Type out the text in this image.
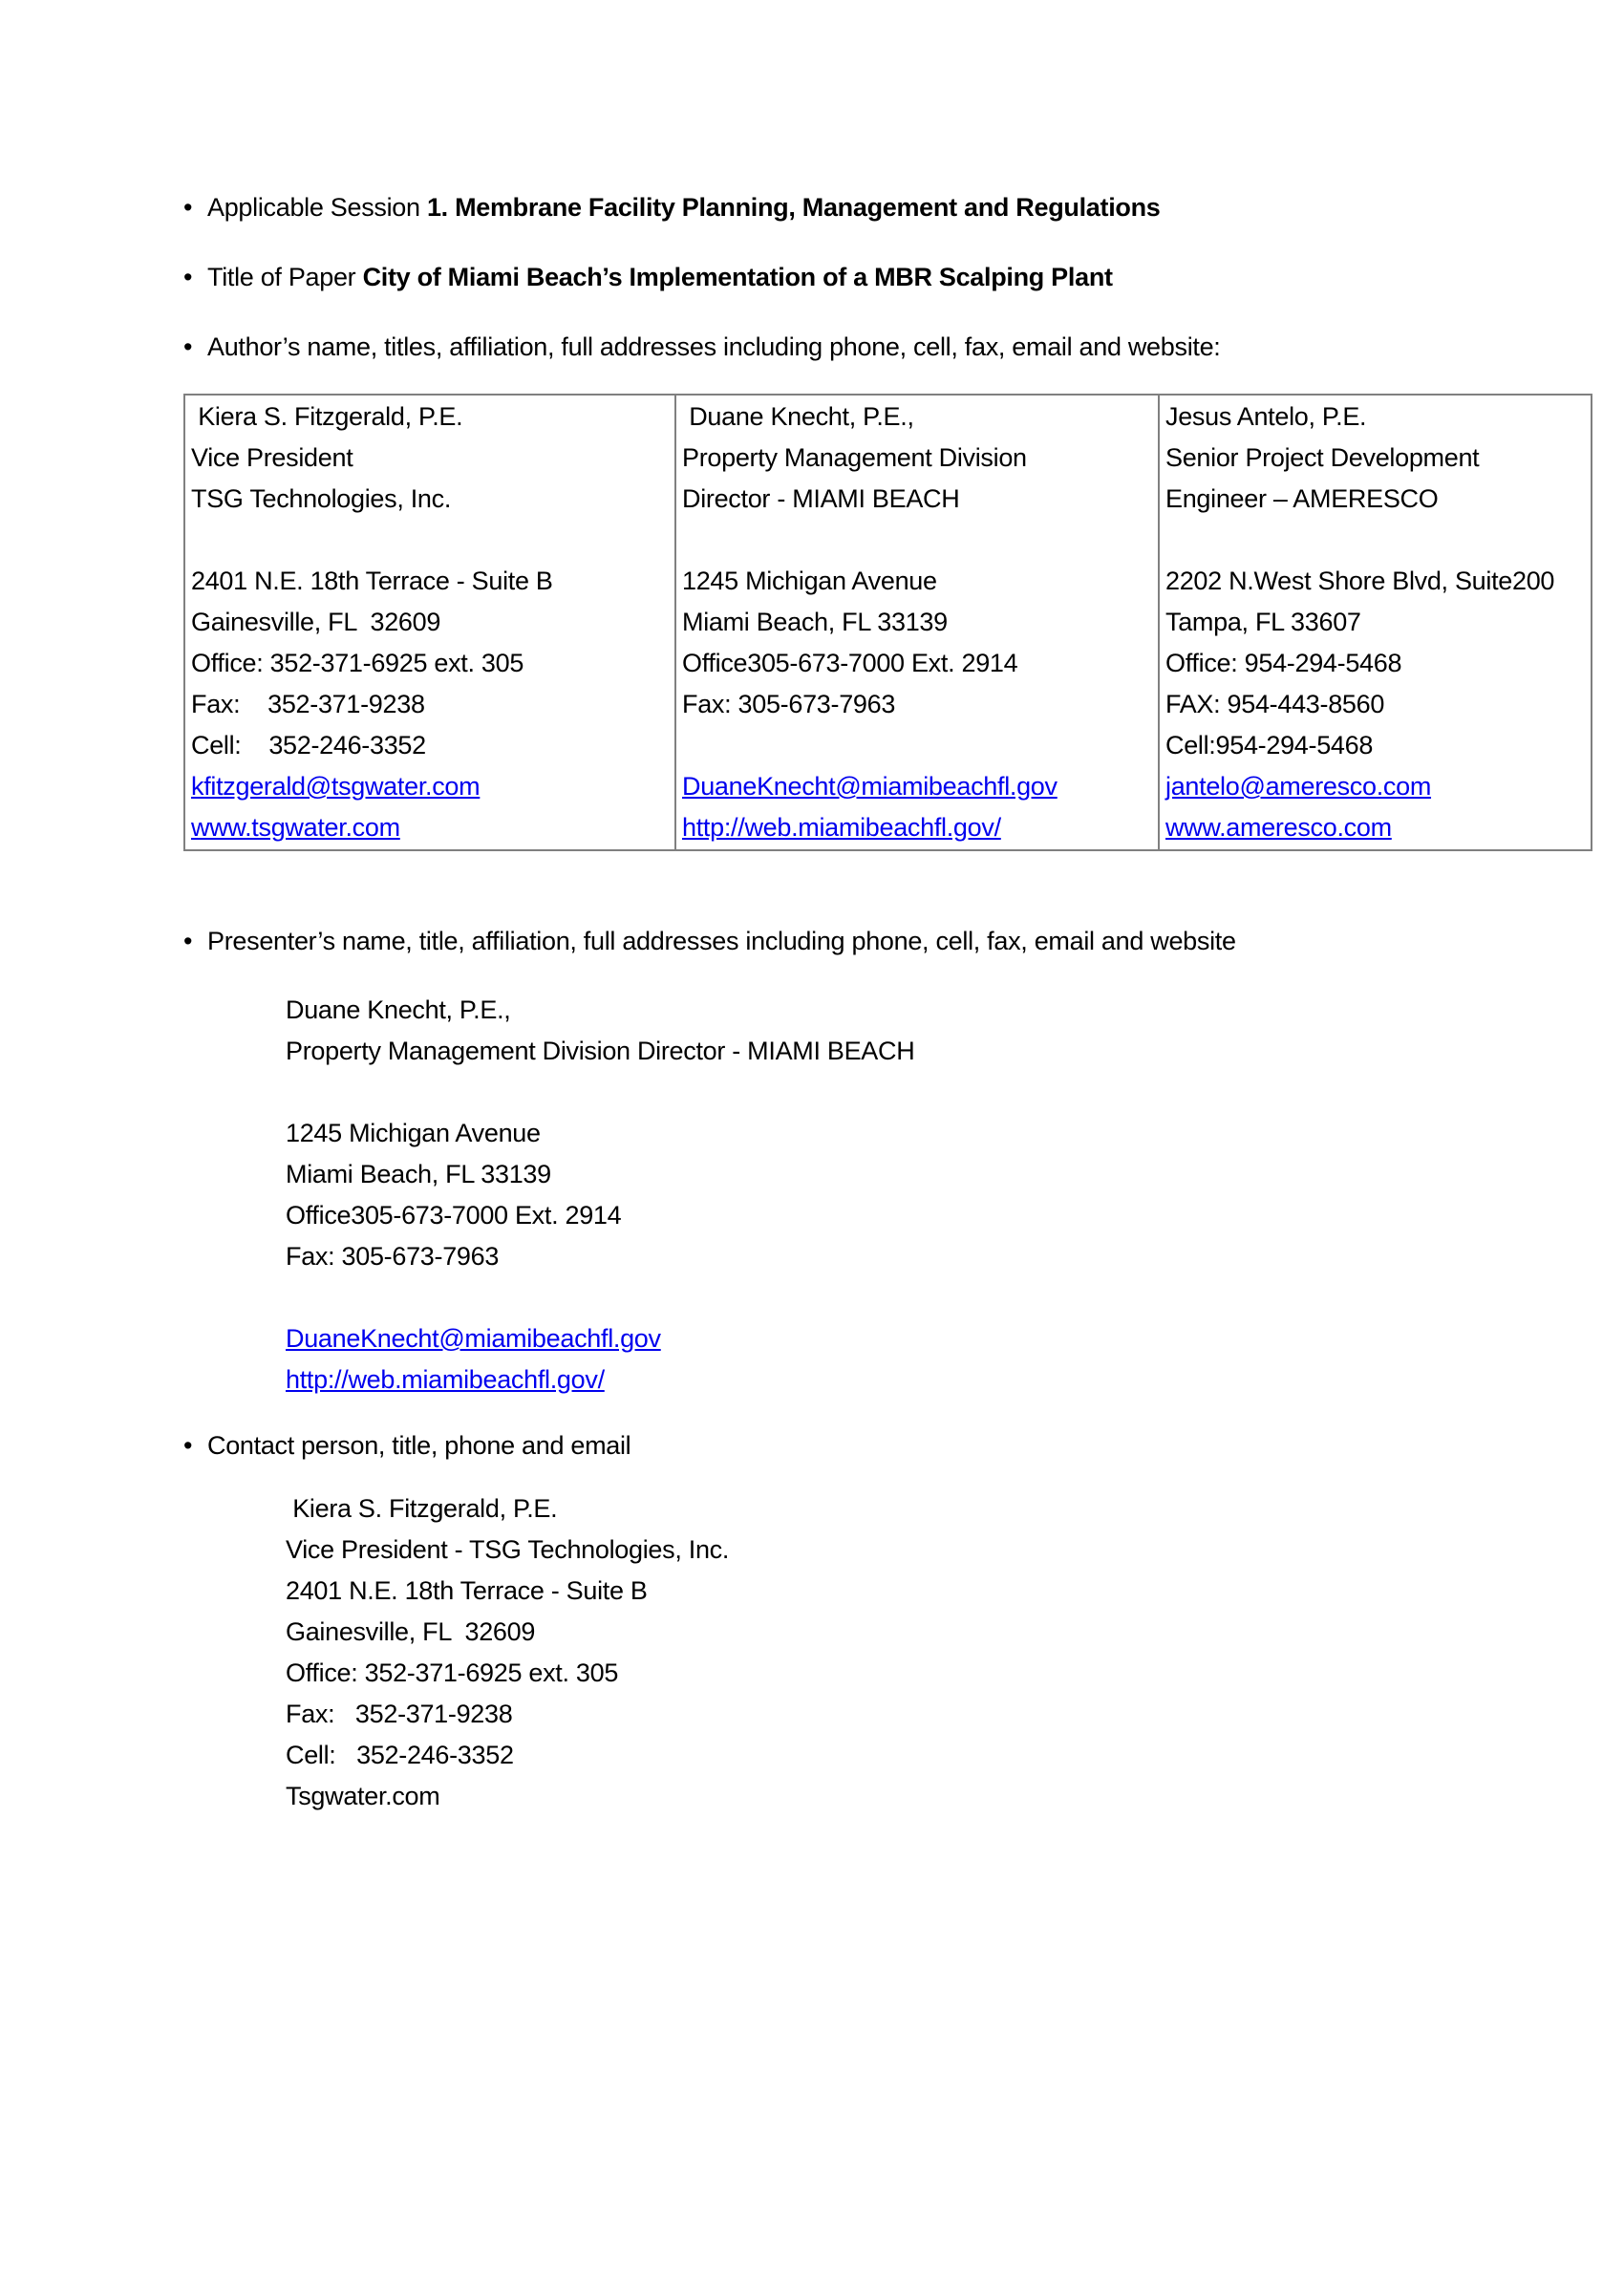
• Applicable Session 1. Membrane Facility Planning, Management and Regulations

• Title of Paper City of Miami Beach’s Implementation of a MBR Scalping Plant

• Author’s name, titles, affiliation, full addresses including phone, cell, fax, email and website:

Kiera S. Fitzgerald, P.E.
Vice President
TSG Technologies, Inc.
2401 N.E. 18th Terrace - Suite B
Gainesville, FL  32609
Office: 352-371-6925 ext. 305
Fax:    352-371-9238
Cell:    352-246-3352
kfitzgerald@tsgwater.com
www.tsgwater.com

Duane Knecht, P.E.,
Property Management Division
Director - MIAMI BEACH
1245 Michigan Avenue
Miami Beach, FL 33139
Office305-673-7000 Ext. 2914
Fax: 305-673-7963
DuaneKnecht@miamibeachfl.gov
http://web.miamibeachfl.gov/

Jesus Antelo, P.E.
Senior Project Development
Engineer – AMERESCO
2202 N.West Shore Blvd, Suite200
Tampa, FL 33607
Office: 954-294-5468
FAX: 954-443-8560
Cell:954-294-5468
jantelo@ameresco.com
www.ameresco.com

• Presenter’s name, title, affiliation, full addresses including phone, cell, fax, email and website

Duane Knecht, P.E.,
Property Management Division Director - MIAMI BEACH
1245 Michigan Avenue
Miami Beach, FL 33139
Office305-673-7000 Ext. 2914
Fax: 305-673-7963
DuaneKnecht@miamibeachfl.gov
http://web.miamibeachfl.gov/

• Contact person, title, phone and email

Kiera S. Fitzgerald, P.E.
Vice President - TSG Technologies, Inc.
2401 N.E. 18th Terrace - Suite B
Gainesville, FL  32609
Office: 352-371-6925 ext. 305
Fax:   352-371-9238
Cell:   352-246-3352
Tsgwater.com
